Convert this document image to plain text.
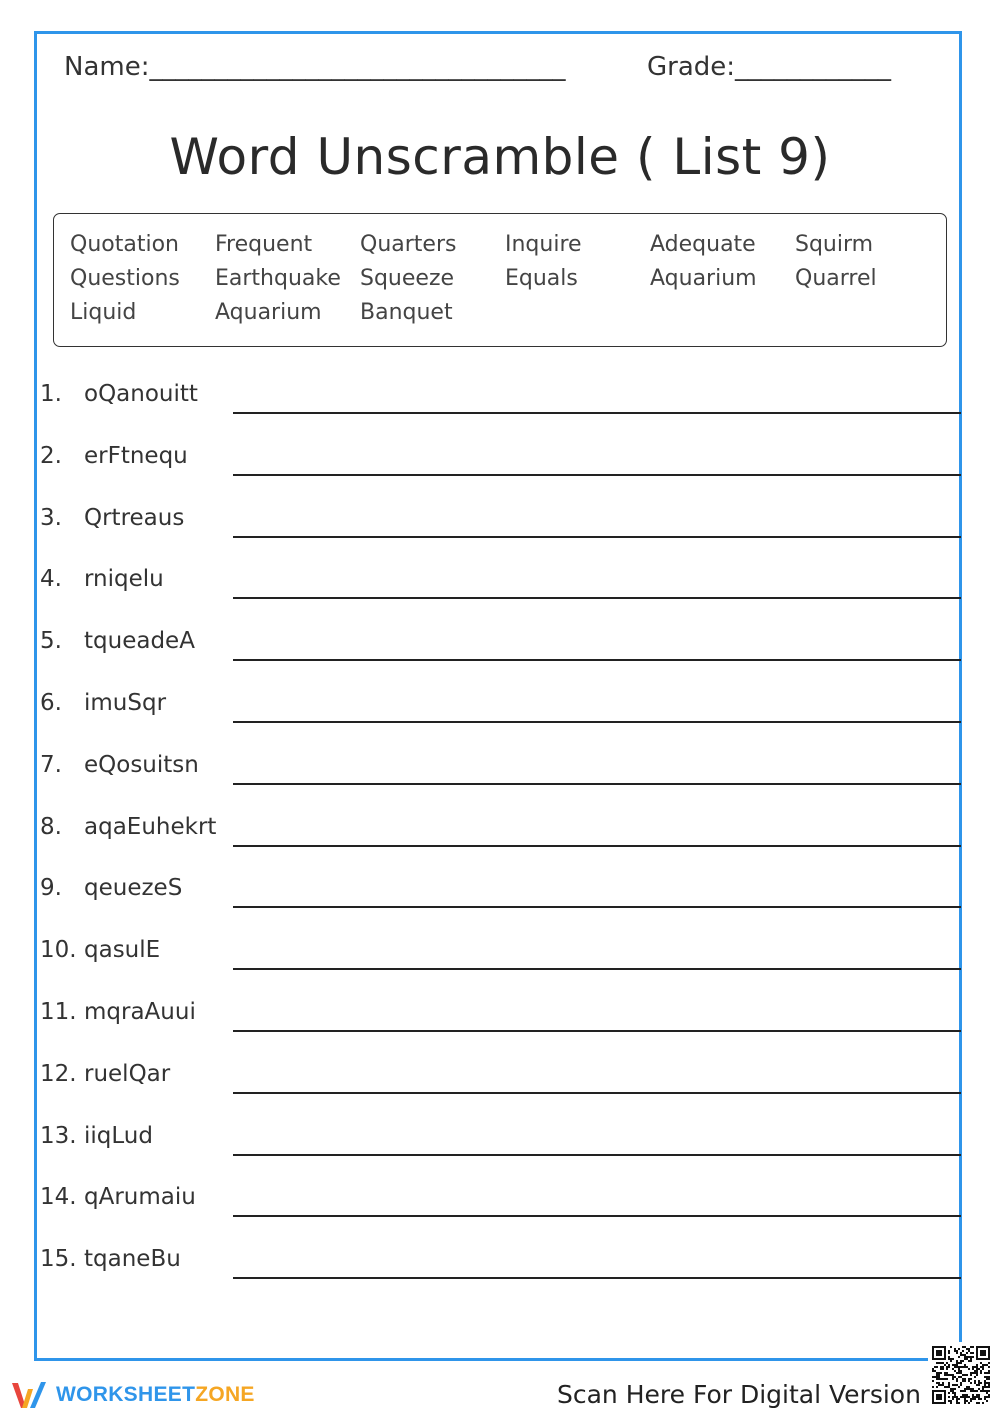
Name:________________________________	Grade:____________
Word Unscramble ( List 9)
Quotation
Questions
Liquid
Frequent
Earthquake
Aquarium
Quarters
Squeeze
Banquet
Inquire
Equals
Adequate
Aquarium
Squirm
Quarrel
1. oQanouitt
2. erFtnequ
3. Qrtreaus
4. rniqelu
5. tqueadeA
6. imuSqr
7. eQosuitsn
8. aqaEuhekrt
9. qeuezeS
10. qasulE
11. mqraAuui
12. ruelQar
13. iiqLud
14. qArumaiu
15. tqaneBu
WORKSHEETZONE	Scan Here For Digital Version
